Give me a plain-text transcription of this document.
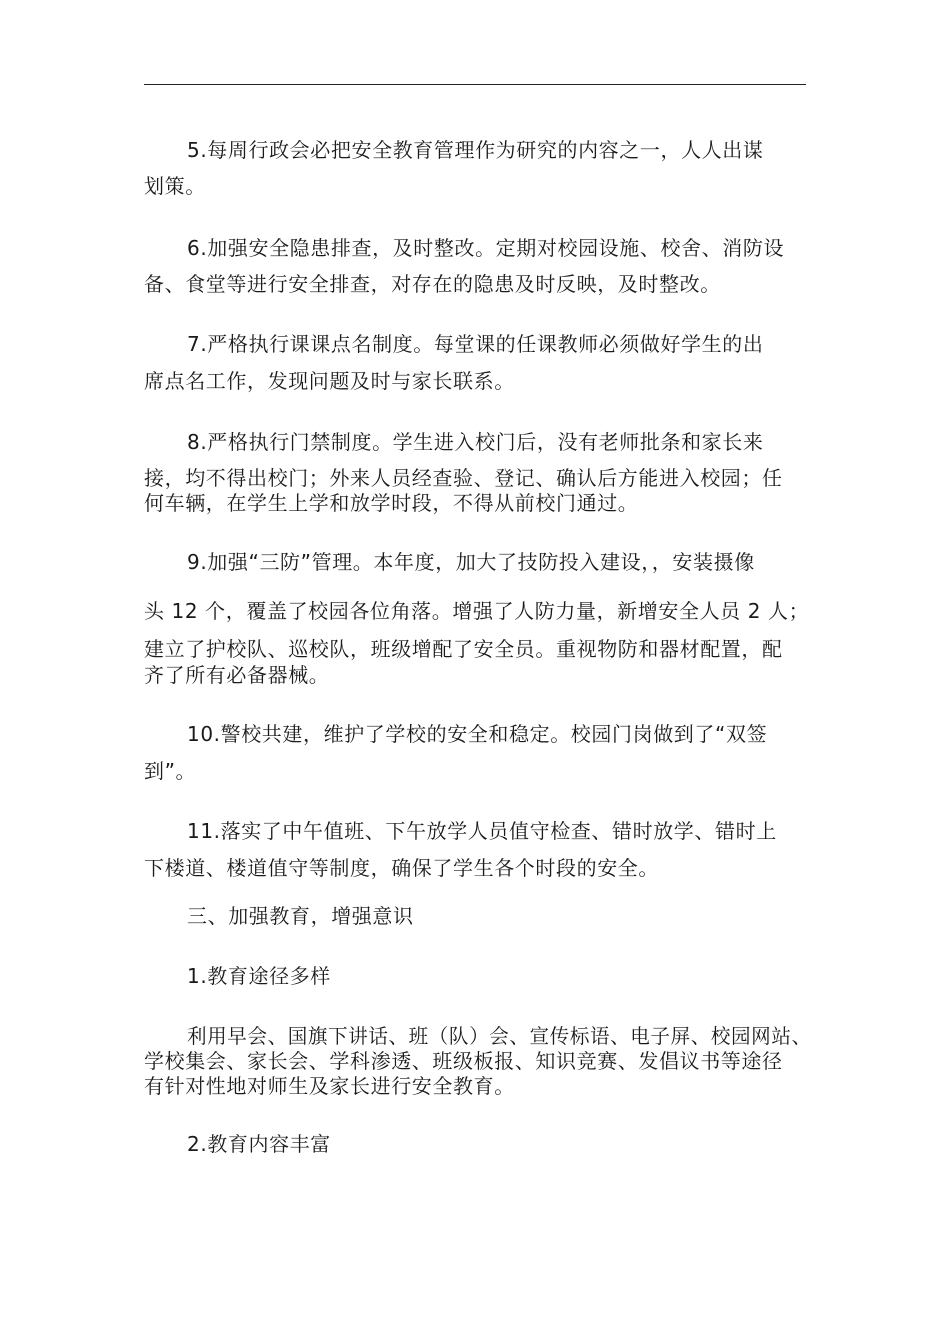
5.每周行政会必把安全教育管理作为研究的内容之一，人人出谋
划策。
6.加强安全隐患排查，及时整改。定期对校园设施、校舍、消防设
备、食堂等进行安全排查，对存在的隐患及时反映，及时整改。
7.严格执行课课点名制度。每堂课的任课教师必须做好学生的出
席点名工作，发现问题及时与家长联系。
8.严格执行门禁制度。学生进入校门后，没有老师批条和家长来
接，均不得出校门；外来人员经查验、登记、确认后方能进入校园；任
何车辆，在学生上学和放学时段，不得从前校门通过。
9.加强“三防”管理。本年度，加大了技防投入建设，，安装摄像
头 12 个，覆盖了校园各位角落。增强了人防力量，新增安全人员 2 人；
建立了护校队、巡校队，班级增配了安全员。重视物防和器材配置，配
齐了所有必备器械。
10.警校共建，维护了学校的安全和稳定。校园门岗做到了“双签
到”。
11.落实了中午值班、下午放学人员值守检查、错时放学、错时上
下楼道、楼道值守等制度，确保了学生各个时段的安全。
三、加强教育，增强意识
1.教育途径多样
利用早会、国旗下讲话、班（队）会、宣传标语、电子屏、校园网站、
学校集会、家长会、学科渗透、班级板报、知识竞赛、发倡议书等途径
有针对性地对师生及家长进行安全教育。
2.教育内容丰富
